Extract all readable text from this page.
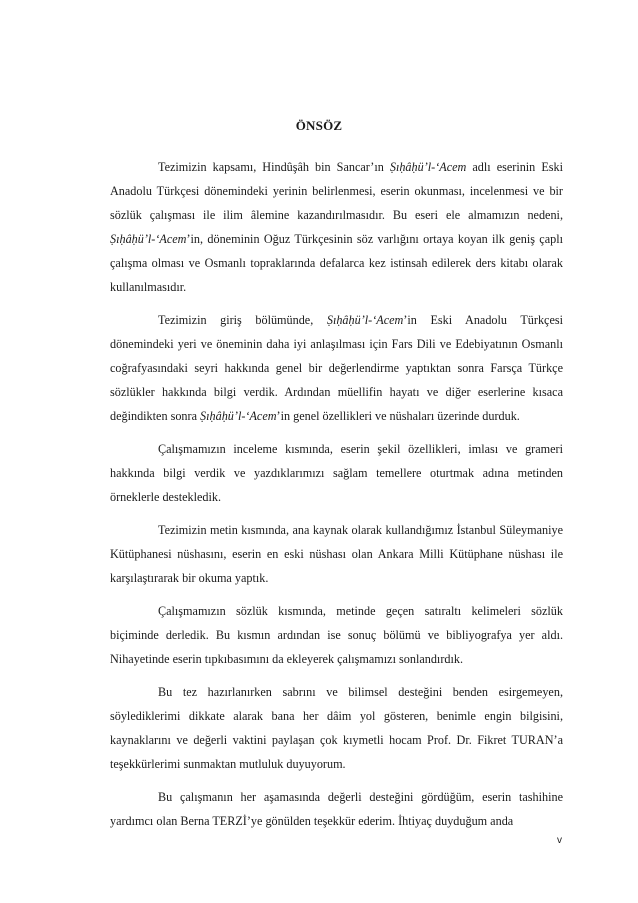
ÖNSÖZ

Tezimizin kapsamı, Hindûşâh bin Sancar’ın Ṣıḥâḥü’l-‘Acem adlı eserinin Eski Anadolu Türkçesi dönemindeki yerinin belirlenmesi, eserin okunması, incelenmesi ve bir sözlük çalışması ile ilim âlemine kazandırılmasıdır. Bu eseri ele almamızın nedeni, Ṣıḥâḥü’l-‘Acem’in, döneminin Oğuz Türkçesinin söz varlığını ortaya koyan ilk geniş çaplı çalışma olması ve Osmanlı topraklarında defalarca kez istinsah edilerek ders kitabı olarak kullanılmasıdır.

Tezimizin giriş bölümünde, Ṣıḥâḥü’l-‘Acem’in Eski Anadolu Türkçesi dönemindeki yeri ve öneminin daha iyi anlaşılması için Fars Dili ve Edebiyatının Osmanlı coğrafyasındaki seyri hakkında genel bir değerlendirme yaptıktan sonra Farsça Türkçe sözlükler hakkında bilgi verdik. Ardından müellifin hayatı ve diğer eserlerine kısaca değindikten sonra Ṣıḥâḥü’l-‘Acem’in genel özellikleri ve nüshaları üzerinde durduk.

Çalışmamızın inceleme kısmında, eserin şekil özellikleri, imlası ve grameri hakkında bilgi verdik ve yazdıklarımızı sağlam temellere oturtmak adına metinden örneklerle destekledik.

Tezimizin metin kısmında, ana kaynak olarak kullandığımız İstanbul Süleymaniye Kütüphanesi nüshasını, eserin en eski nüshası olan Ankara Milli Kütüphane nüshası ile karşılaştırarak bir okuma yaptık.

Çalışmamızın sözlük kısmında, metinde geçen satıraltı kelimeleri sözlük biçiminde derledik. Bu kısmın ardından ise sonuç bölümü ve bibliyografya yer aldı. Nihayetinde eserin tıpkıbasımını da ekleyerek çalışmamızı sonlandırdık.

Bu tez hazırlanırken sabrını ve bilimsel desteğini benden esirgemeyen, söylediklerimi dikkate alarak bana her dâim yol gösteren, benimle engin bilgisini, kaynaklarını ve değerli vaktini paylaşan çok kıymetli hocam Prof. Dr. Fikret TURAN’a teşekkürlerimi sunmaktan mutluluk duyuyorum.

Bu çalışmanın her aşamasında değerli desteğini gördüğüm, eserin tashihine yardımcı olan Berna TERZİ’ye gönülden teşekkür ederim. İhtiyaç duyduğum anda

v
